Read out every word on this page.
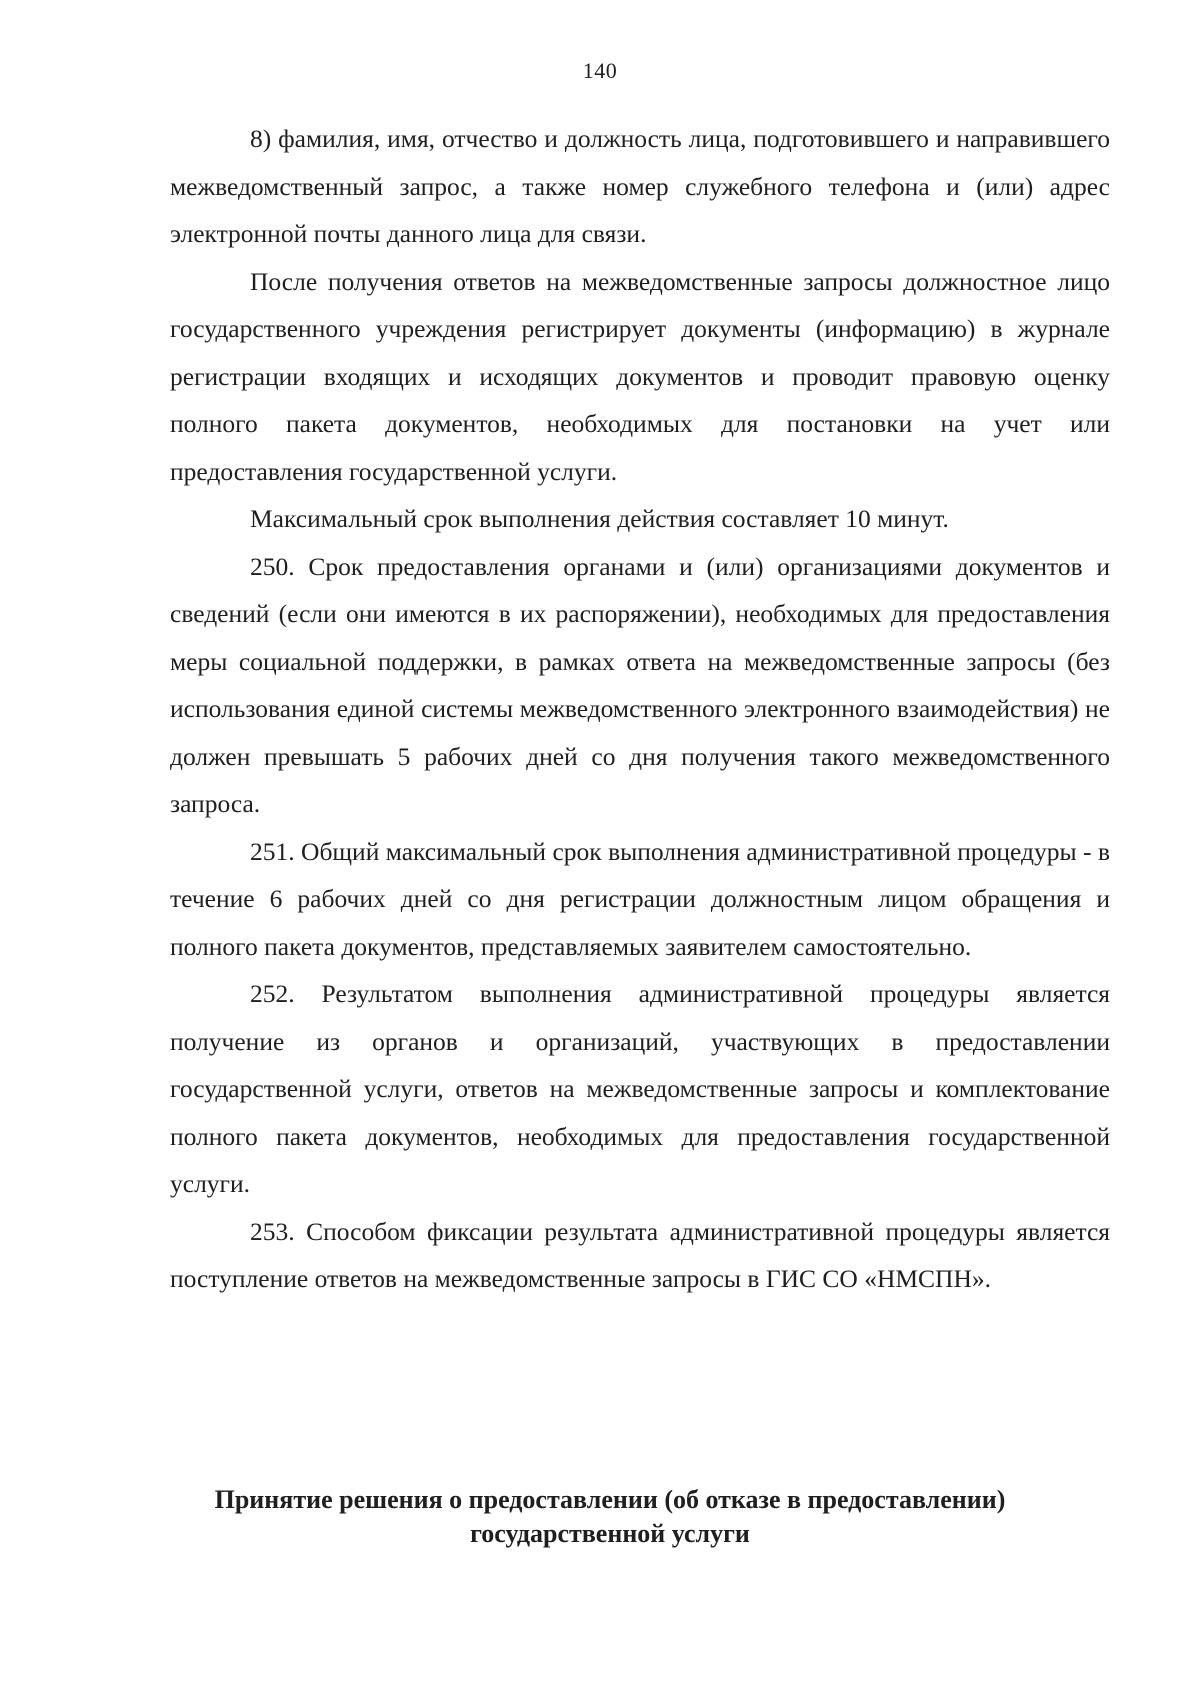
140

8) фамилия, имя, отчество и должность лица, подготовившего и направившего межведомственный запрос, а также номер служебного телефона и (или) адрес электронной почты данного лица для связи.

После получения ответов на межведомственные запросы должностное лицо государственного учреждения регистрирует документы (информацию) в журнале регистрации входящих и исходящих документов и проводит правовую оценку полного пакета документов, необходимых для постановки на учет или предоставления государственной услуги.

Максимальный срок выполнения действия составляет 10 минут.

250. Срок предоставления органами и (или) организациями документов и сведений (если они имеются в их распоряжении), необходимых для предоставления меры социальной поддержки, в рамках ответа на межведомственные запросы (без использования единой системы межведомственного электронного взаимодействия) не должен превышать 5 рабочих дней со дня получения такого межведомственного запроса.

251. Общий максимальный срок выполнения административной процедуры - в течение 6 рабочих дней со дня регистрации должностным лицом обращения и полного пакета документов, представляемых заявителем самостоятельно.

252. Результатом выполнения административной процедуры является получение из органов и организаций, участвующих в предоставлении государственной услуги, ответов на межведомственные запросы и комплектование полного пакета документов, необходимых для предоставления государственной услуги.

253. Способом фиксации результата административной процедуры является поступление ответов на межведомственные запросы в ГИС СО «НМСПН».

Принятие решения о предоставлении (об отказе в предоставлении)
государственной услуги
